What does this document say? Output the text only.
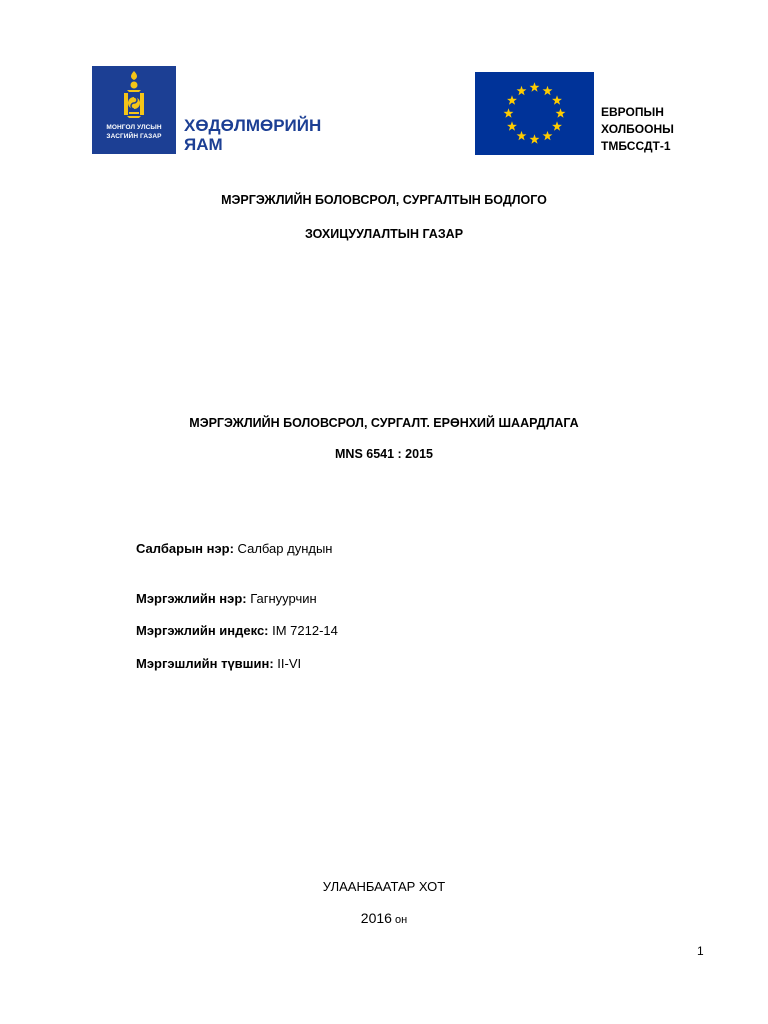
МОНГОЛ УЛСЫН
ЗАСГИЙН ГАЗАР
ХӨДӨЛМӨРИЙН
ЯАМ
ЕВРОПЫН
ХОЛБООНЫ
ТМБССДТ-1
МЭРГЭЖЛИЙН БОЛОВСРОЛ, СУРГАЛТЫН БОДЛОГО
ЗОХИЦУУЛАЛТЫН ГАЗАР
МЭРГЭЖЛИЙН БОЛОВСРОЛ, СУРГАЛТ. ЕРӨНХИЙ ШААРДЛАГА
MNS 6541 : 2015
Салбарын нэр: Салбар дундын
Мэргэжлийн нэр: Гагнуурчин
Мэргэжлийн индекс: IM 7212-14
Мэргэшлийн түвшин: II-VI
УЛААНБААТАР ХОТ
2016 он
1
